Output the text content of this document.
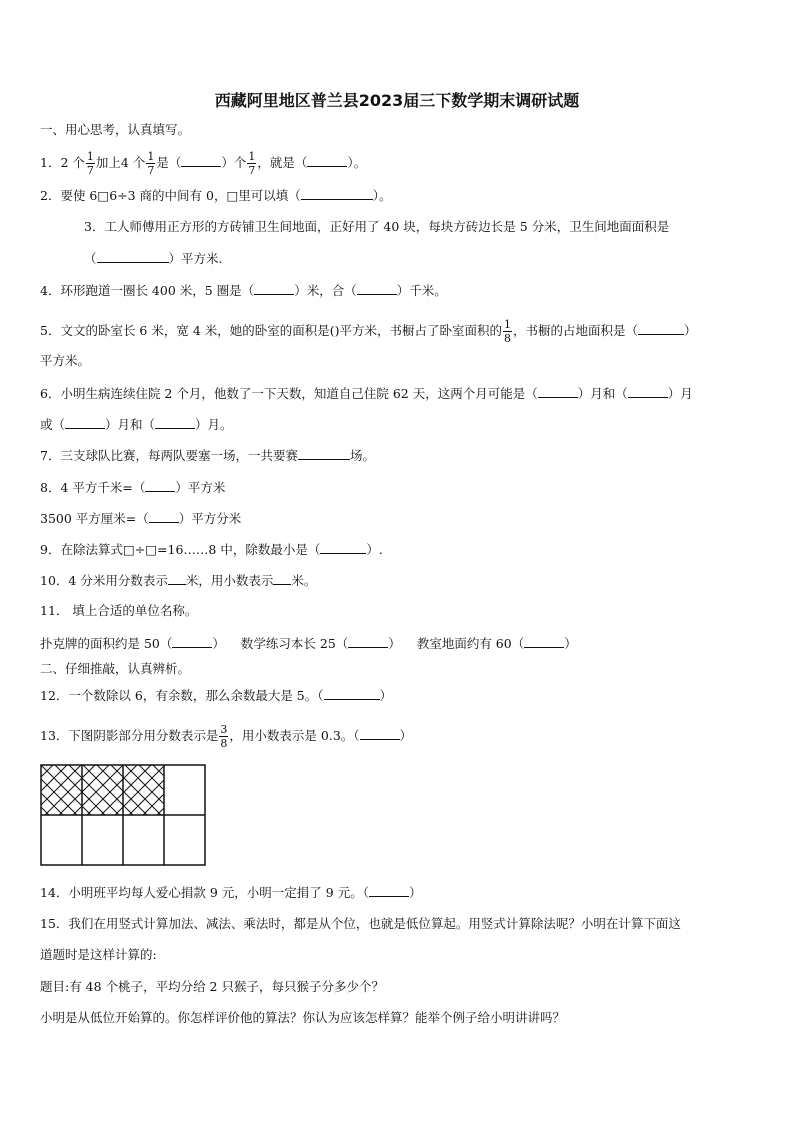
西藏阿里地区普兰县2023届三下数学期末调研试题
一、用心思考，认真填写。
1．2 个 $\frac{1}{7}$ 加上4 个 $\frac{1}{7}$ 是（	）个 $\frac{1}{7}$ ，就是（	）。
2．要使 6□6÷3 商的中间有 0，□里可以填（	）。
3．工人师傅用正方形的方砖铺卫生间地面，正好用了 40 块，每块方砖边长是 5 分米，卫生间地面面积是
（	）平方米.
4．环形跑道一圈长 400 米，5 圈是（	）米，合（	）千米。
5．文文的卧室长 6 米，宽 4 米，她的卧室的面积是()平方米，书橱占了卧室面积的 $\frac{1}{8}$ ，书橱的占地面积是（	）
平方米。
6．小明生病连续住院 2 个月，他数了一下天数，知道自己住院 62 天，这两个月可能是（	）月和（	）月
或（	）月和（	）月。
7．三支球队比赛，每两队要塞一场，一共要赛	场。
8．4 平方千米=（ ）平方米
3500 平方厘米=（ ）平方分米
9．在除法算式□÷□=16……8 中，除数最小是（	）.
10．4 分米用分数表示 米，用小数表示 米。
11． 填上合适的单位名称。
扑克牌的面积约是 50（	） 数学练习本长 25（	） 教室地面约有 60（	）
二、仔细推敲，认真辨析。
12．一个数除以 6，有余数，那么余数最大是 5。（	）
13．下图阴影部分用分数表示是 $\frac{3}{8}$ ，用小数表示是 0.3。（	）
14．小明班平均每人爱心捐款 9 元，小明一定捐了 9 元。（	）
15．我们在用竖式计算加法、减法、乘法时，都是从个位，也就是低位算起。用竖式计算除法呢？小明在计算下面这
道题时是这样计算的:
题目:有 48 个桃子，平均分给 2 只猴子，每只猴子分多少个？
小明是从低位开始算的。你怎样评价他的算法？你认为应该怎样算？能举个例子给小明讲讲吗？
